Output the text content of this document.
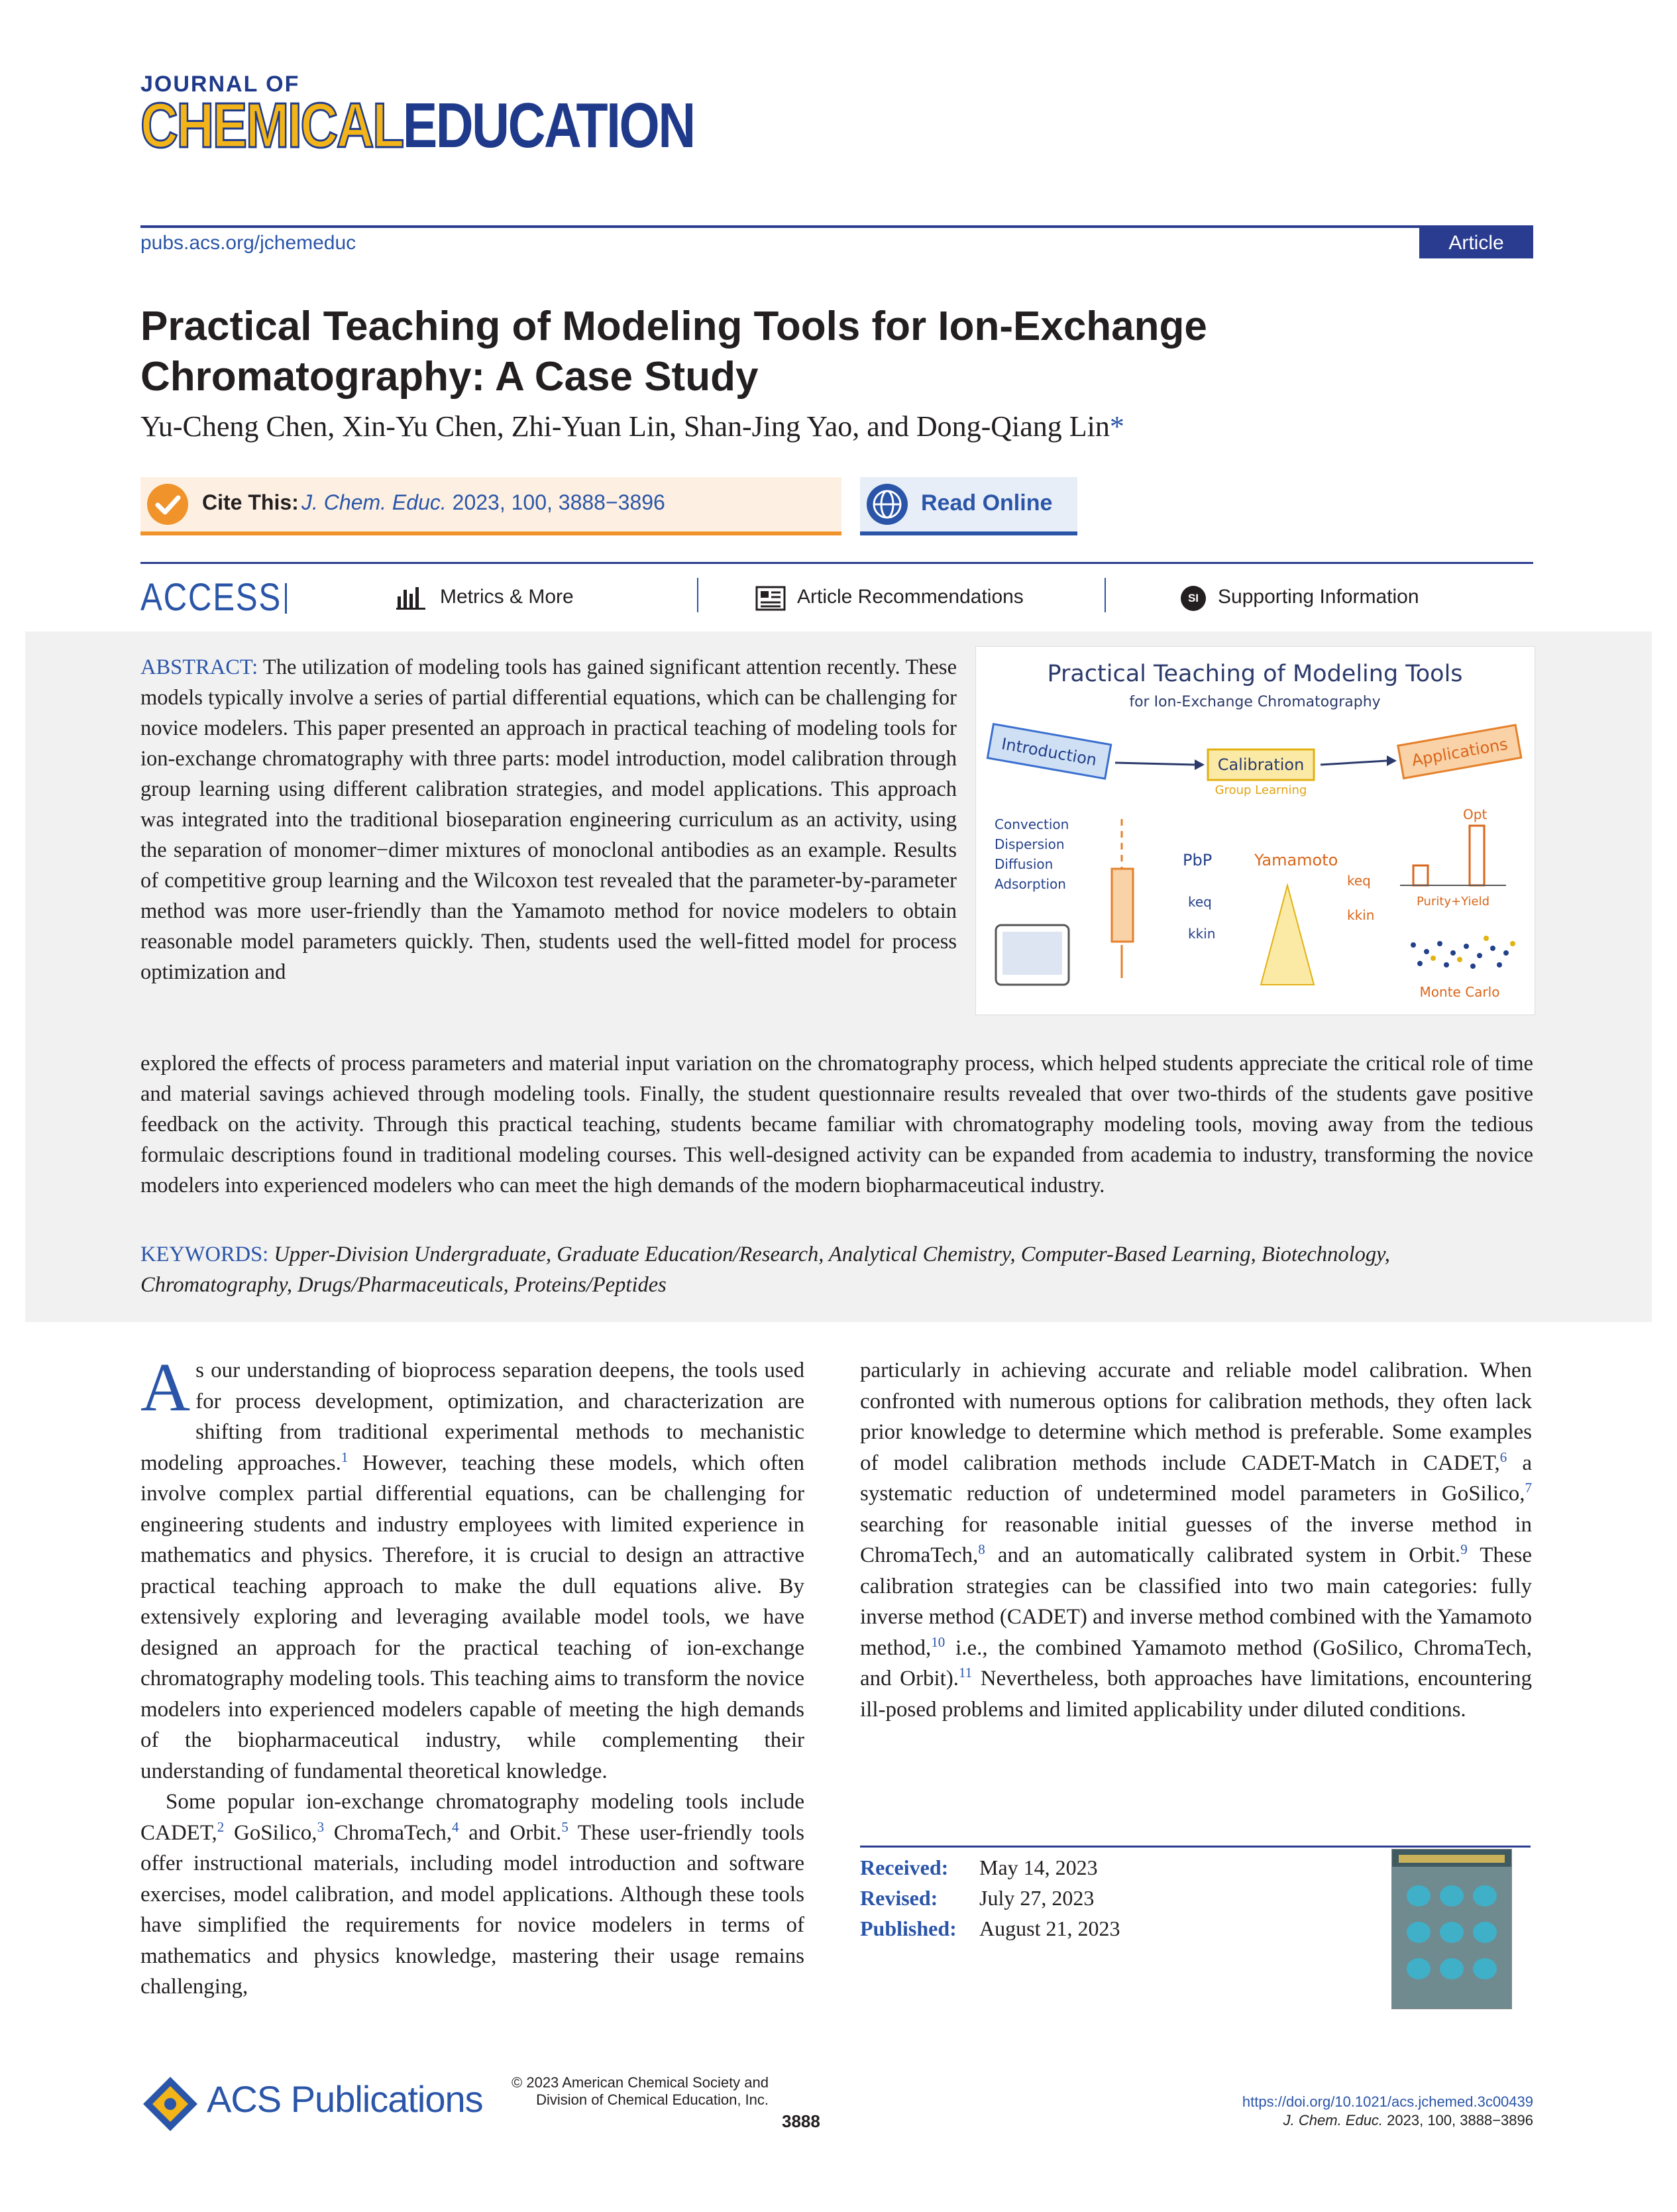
JOURNAL OF
CHEMICALEDUCATION
pubs.acs.org/jchemeduc	Article
Practical Teaching of Modeling Tools for Ion-Exchange Chromatography: A Case Study
Yu-Cheng Chen, Xin-Yu Chen, Zhi-Yuan Lin, Shan-Jing Yao, and Dong-Qiang Lin*
Cite This: J. Chem. Educ. 2023, 100, 3888−3896	Read Online
ACCESS	Metrics & More	Article Recommendations	SI Supporting Information
ABSTRACT: The utilization of modeling tools has gained significant attention recently. These models typically involve a series of partial differential equations, which can be challenging for novice modelers. This paper presented an approach in practical teaching of modeling tools for ion-exchange chromatography with three parts: model introduction, model calibration through group learning using different calibration strategies, and model applications. This approach was integrated into the traditional bioseparation engineering curriculum as an activity, using the separation of monomer−dimer mixtures of monoclonal antibodies as an example. Results of competitive group learning and the Wilcoxon test revealed that the parameter-by-parameter method was more user-friendly than the Yamamoto method for novice modelers to obtain reasonable model parameters quickly. Then, students used the well-fitted model for process optimization and
explored the effects of process parameters and material input variation on the chromatography process, which helped students appreciate the critical role of time and material savings achieved through modeling tools. Finally, the student questionnaire results revealed that over two-thirds of the students gave positive feedback on the activity. Through this practical teaching, students became familiar with chromatography modeling tools, moving away from the tedious formulaic descriptions found in traditional modeling courses. This well-designed activity can be expanded from academia to industry, transforming the novice modelers into experienced modelers who can meet the high demands of the modern biopharmaceutical industry.
Practical Teaching of Modeling Tools
for Ion-Exchange Chromatography
Introduction	Calibration
Group Learning
Applications
Convection
Dispersion
Diffusion
Adsorption
PbP	Yamamoto
keq
kkin
keq
kkin
Opt
Purity+Yield
Monte Carlo
KEYWORDS: Upper-Division Undergraduate, Graduate Education/Research, Analytical Chemistry, Computer-Based Learning, Biotechnology, Chromatography, Drugs/Pharmaceuticals, Proteins/Peptides

As our understanding of bioprocess separation deepens, the tools used for process development, optimization, and characterization are shifting from traditional experimental methods to mechanistic modeling approaches.$^1$ However, teaching these models, which often involve complex partial differential equations, can be challenging for engineering students and industry employees with limited experience in mathematics and physics. Therefore, it is crucial to design an attractive practical teaching approach to make the dull equations alive. By extensively exploring and leveraging available model tools, we have designed an approach for the practical teaching of ion-exchange chromatography modeling tools. This teaching aims to transform the novice modelers into experienced modelers capable of meeting the high demands of the biopharmaceutical industry, while complementing their understanding of fundamental theoretical knowledge.

Some popular ion-exchange chromatography modeling tools include CADET,$^2$ GoSilico,$^3$ ChromaTech,$^4$ and Orbit.$^5$ These user-friendly tools offer instructional materials, including model introduction and software exercises, model calibration, and model applications. Although these tools have simplified the requirements for novice modelers in terms of mathematics and physics knowledge, mastering their usage remains challenging,

particularly in achieving accurate and reliable model calibration. When confronted with numerous options for calibration methods, they often lack prior knowledge to determine which method is preferable. Some examples of model calibration methods include CADET-Match in CADET,$^6$ a systematic reduction of undetermined model parameters in GoSilico,$^7$ searching for reasonable initial guesses of the inverse method in ChromaTech,$^8$ and an automatically calibrated system in Orbit.$^9$ These calibration strategies can be classified into two main categories: fully inverse method (CADET) and inverse method combined with the Yamamoto method,$^{10}$ i.e., the combined Yamamoto method (GoSilico, ChromaTech, and Orbit).$^{11}$ Nevertheless, both approaches have limitations, encountering ill-posed problems and limited applicability under diluted conditions.

Received: May 14, 2023
Revised: July 27, 2023
Published: August 21, 2023
ACS Publications	© 2023 American Chemical Society and Division of Chemical Education, Inc.
3888
https://doi.org/10.1021/acs.jchemed.3c00439
J. Chem. Educ. 2023, 100, 3888−3896
